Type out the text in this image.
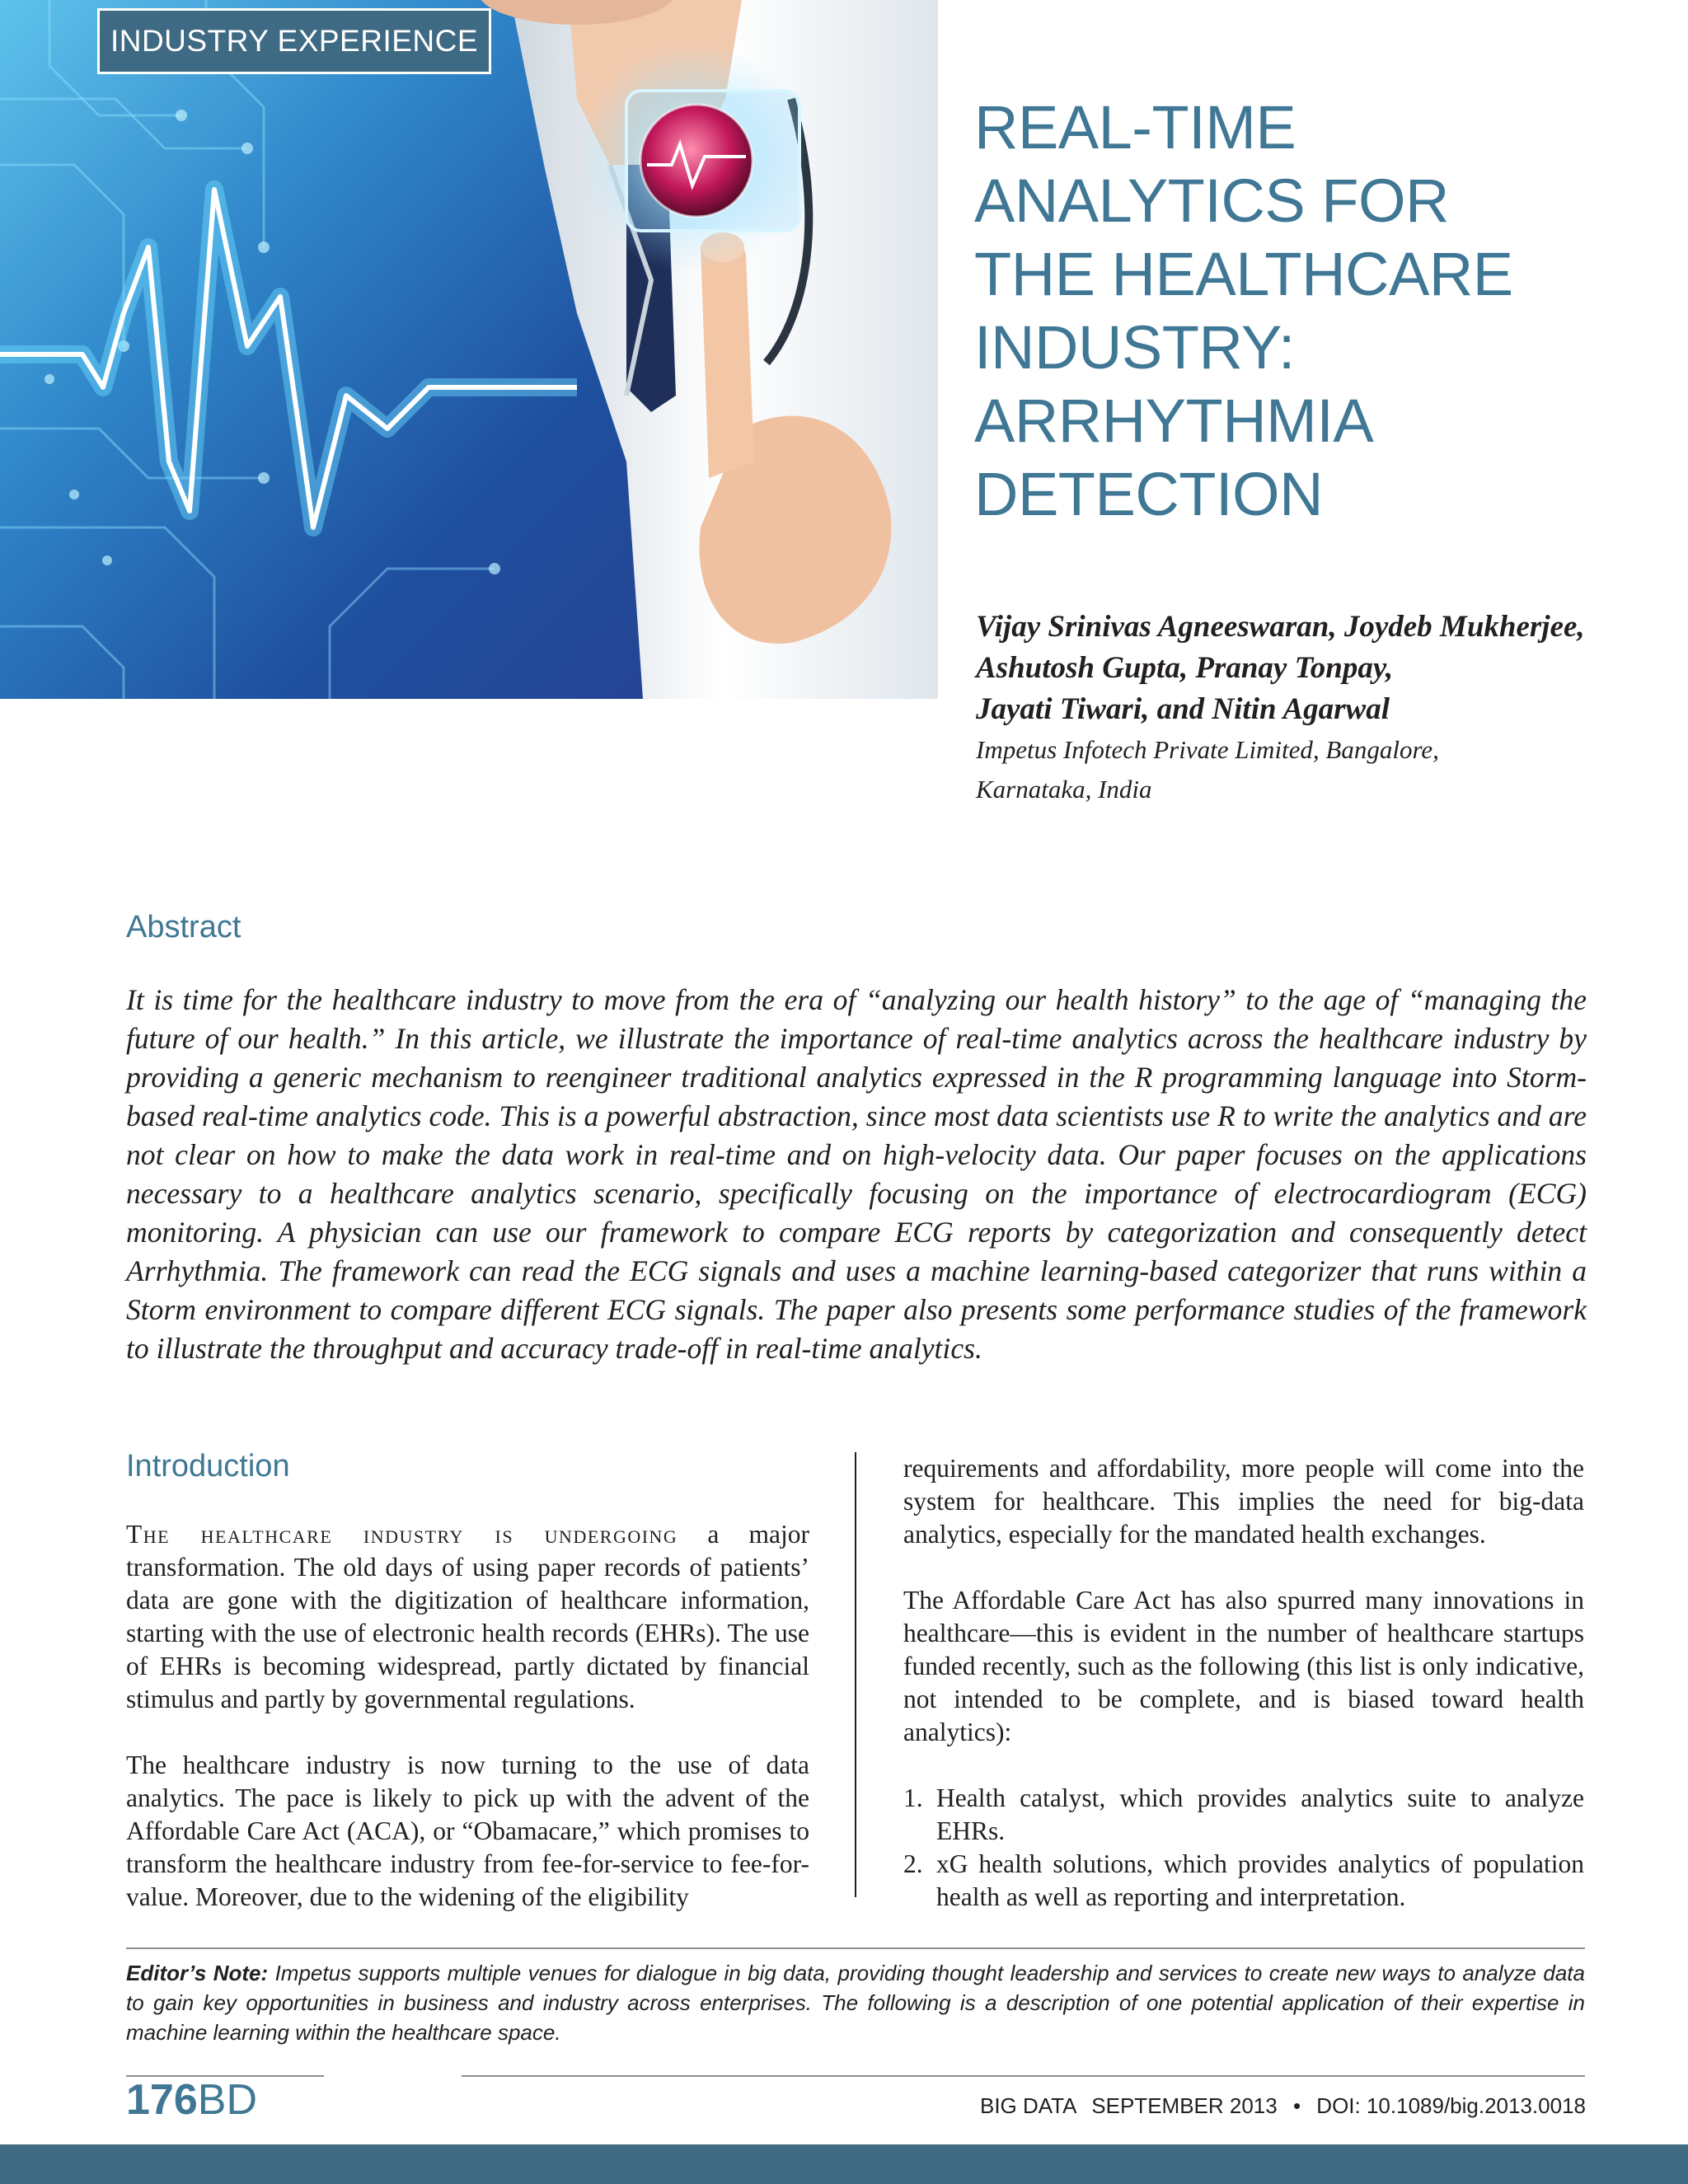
INDUSTRY EXPERIENCE
REAL-TIME
ANALYTICS FOR
THE HEALTHCARE
INDUSTRY:
ARRHYTHMIA
DETECTION
Vijay Srinivas Agneeswaran, Joydeb Mukherjee,
Ashutosh Gupta, Pranay Tonpay,
Jayati Tiwari, and Nitin Agarwal
Impetus Infotech Private Limited, Bangalore,
Karnataka, India
Abstract

It is time for the healthcare industry to move from the era of “analyzing our health history” to the age of “managing the future of our health.” In this article, we illustrate the importance of real-time analytics across the healthcare industry by providing a generic mechanism to reengineer traditional analytics expressed in the R programming language into Storm-based real-time analytics code. This is a powerful abstraction, since most data scientists use R to write the analytics and are not clear on how to make the data work in real-time and on high-velocity data. Our paper focuses on the applications necessary to a healthcare analytics scenario, specifically focusing on the importance of electrocardiogram (ECG) monitoring. A physician can use our framework to compare ECG reports by categorization and consequently detect Arrhythmia. The framework can read the ECG signals and uses a machine learning-based categorizer that runs within a Storm environment to compare different ECG signals. The paper also presents some performance studies of the framework to illustrate the throughput and accuracy trade-off in real-time analytics.

Introduction

The healthcare industry is undergoing a major transformation. The old days of using paper records of patients’ data are gone with the digitization of healthcare information, starting with the use of electronic health records (EHRs). The use of EHRs is becoming widespread, partly dictated by financial stimulus and partly by governmental regulations.

The healthcare industry is now turning to the use of data analytics. The pace is likely to pick up with the advent of the Affordable Care Act (ACA), or “Obamacare,” which promises to transform the healthcare industry from fee-for-service to fee-for-value. Moreover, due to the widening of the eligibility

requirements and affordability, more people will come into the system for healthcare. This implies the need for big-data analytics, especially for the mandated health exchanges.

The Affordable Care Act has also spurred many innovations in healthcare—this is evident in the number of healthcare startups funded recently, such as the following (this list is only indicative, not intended to be complete, and is biased toward health analytics):

1. Health catalyst, which provides analytics suite to analyze EHRs.
2. xG health solutions, which provides analytics of population health as well as reporting and interpretation.

Editor’s Note: Impetus supports multiple venues for dialogue in big data, providing thought leadership and services to create new ways to analyze data to gain key opportunities in business and industry across enterprises. The following is a description of one potential application of their expertise in machine learning within the healthcare space.

176BD	BIG DATA SEPTEMBER 2013 • DOI: 10.1089/big.2013.0018
